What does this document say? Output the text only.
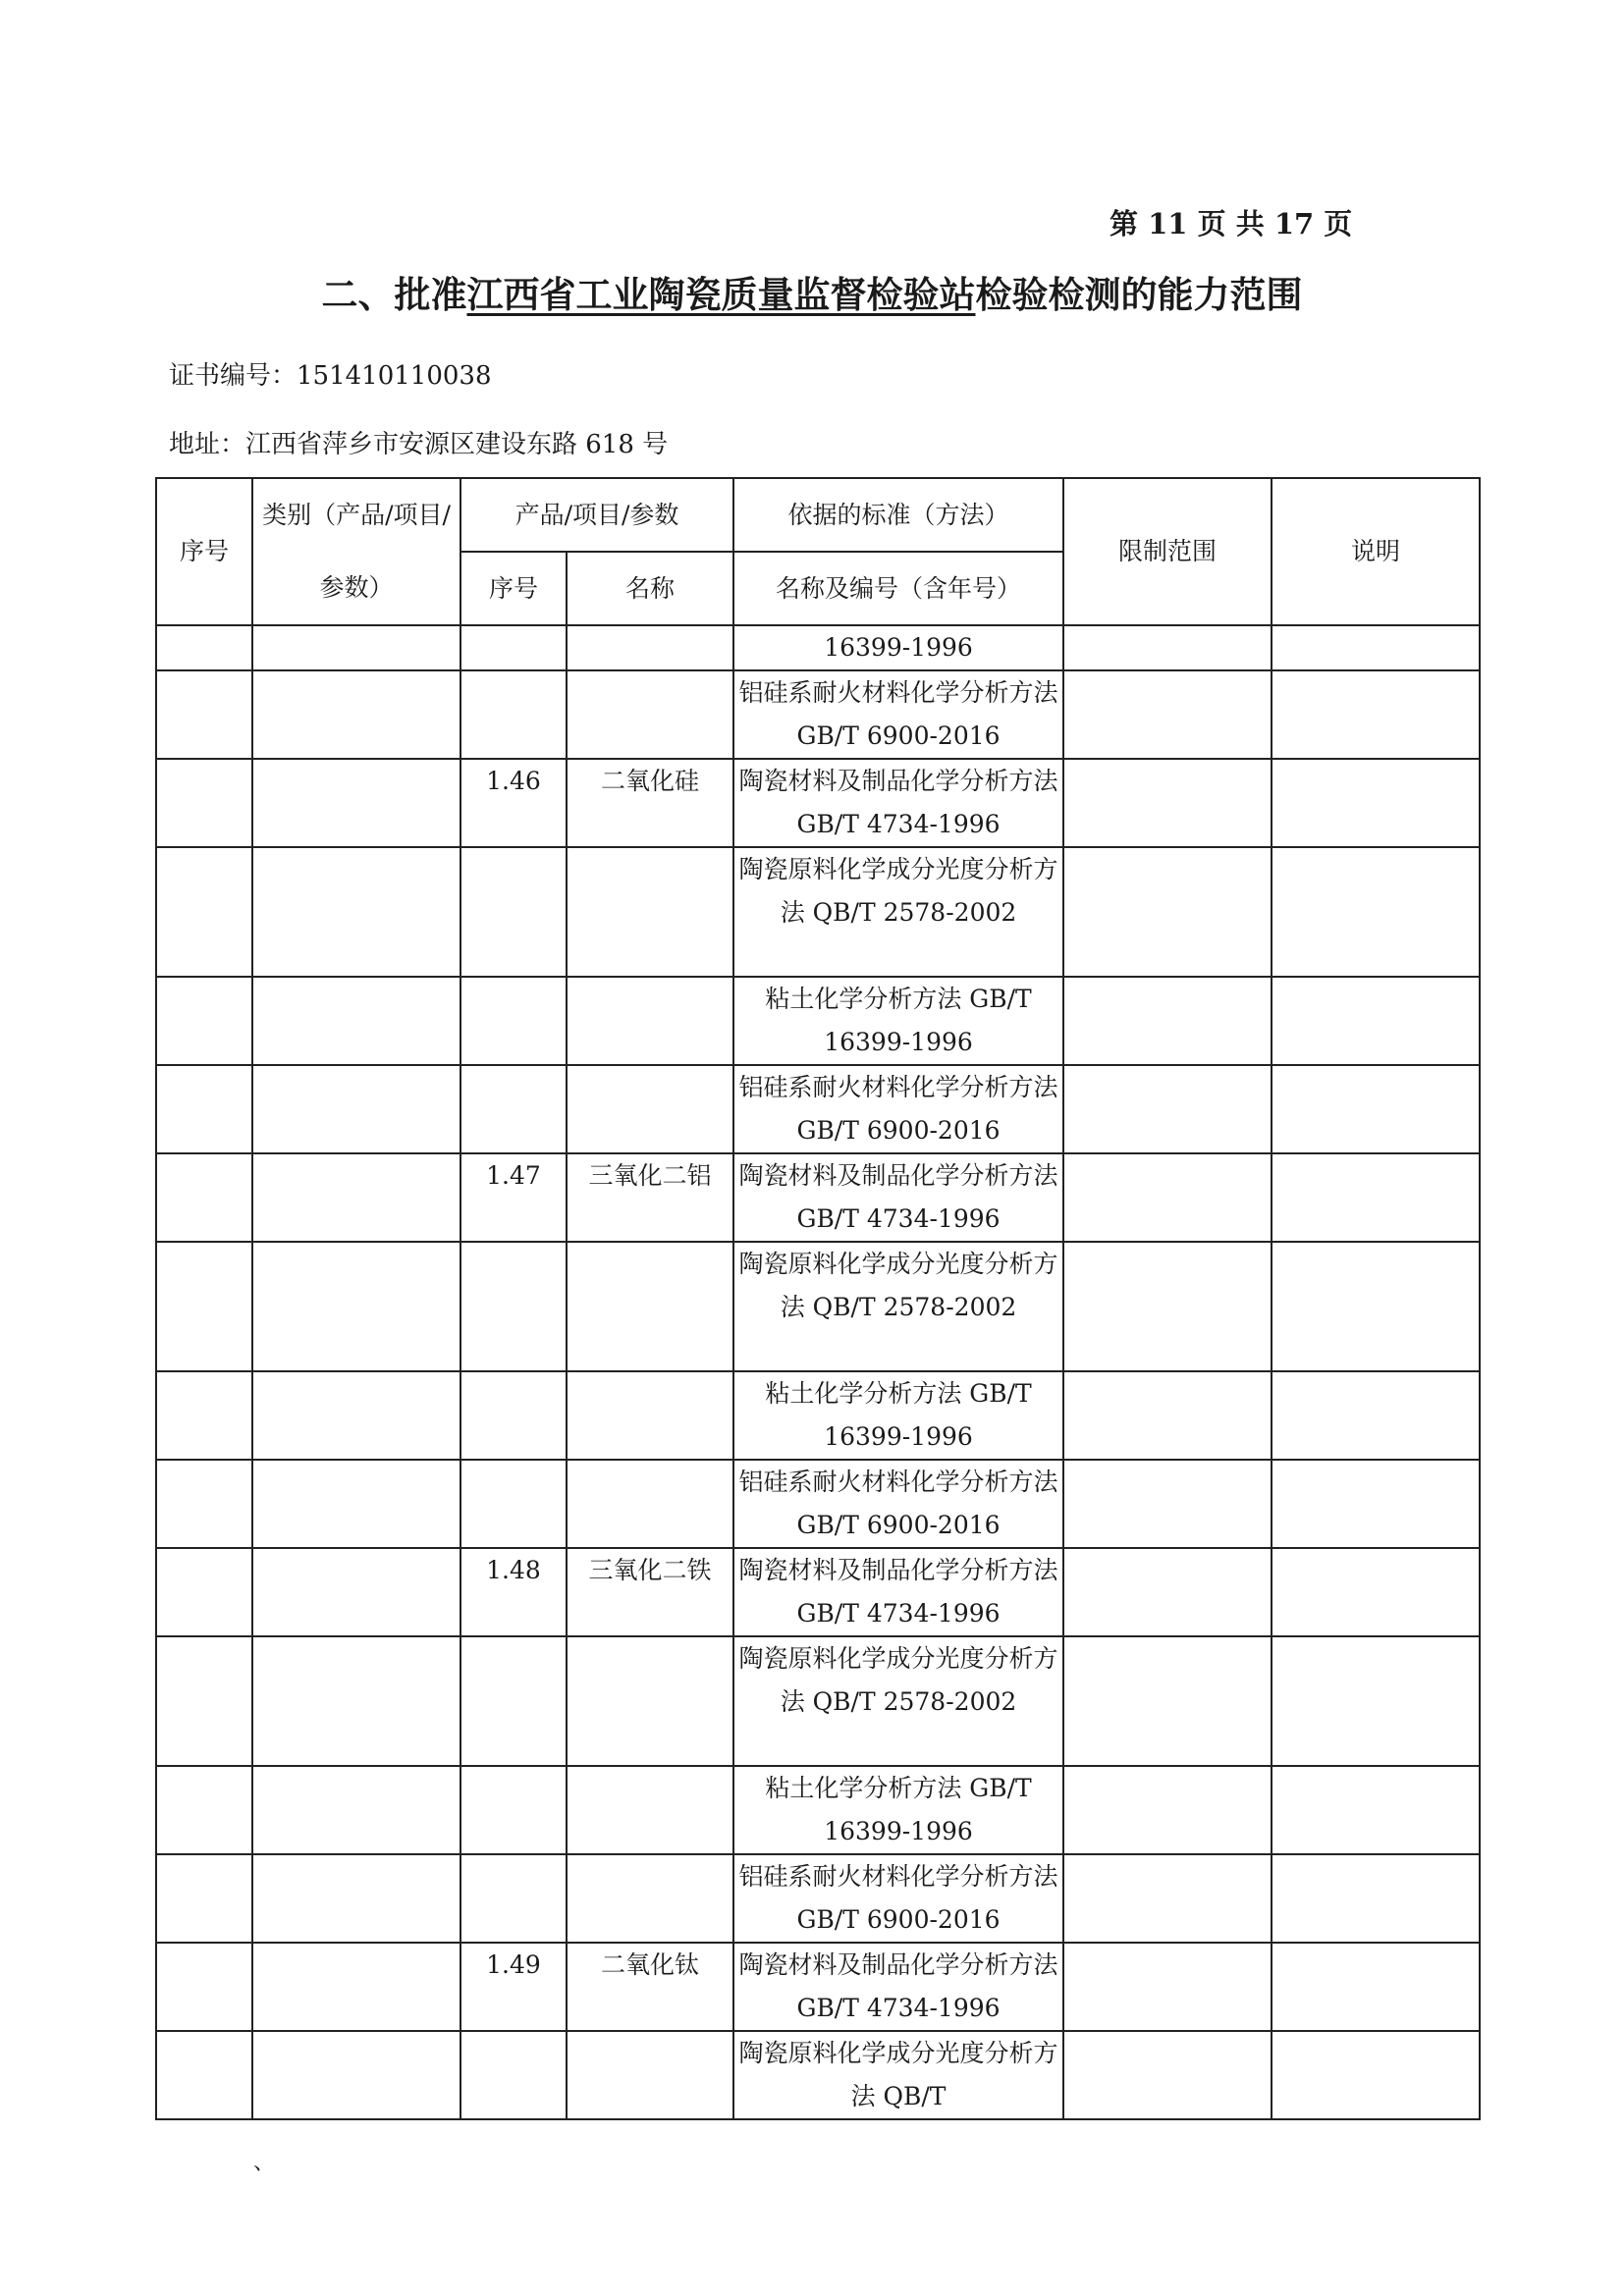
第 11 页 共 17 页
二、批准江西省工业陶瓷质量监督检验站检验检测的能力范围
证书编号：151410110038
地址：江西省萍乡市安源区建设东路 618 号
序号	类别（产品/项目/参数）	产品/项目/参数		依据的标准（方法）	限制范围	说明
		序号	名称	名称及编号（含年号）		
				16399-1996		
				铝硅系耐火材料化学分析方法 GB/T 6900-2016		
		1.46	二氧化硅	陶瓷材料及制品化学分析方法 GB/T 4734-1996		
				陶瓷原料化学成分光度分析方法 QB/T 2578-2002		
				粘土化学分析方法 GB/T 16399-1996		
				铝硅系耐火材料化学分析方法 GB/T 6900-2016		
		1.47	三氧化二铝	陶瓷材料及制品化学分析方法 GB/T 4734-1996		
				陶瓷原料化学成分光度分析方法 QB/T 2578-2002		
				粘土化学分析方法 GB/T 16399-1996		
				铝硅系耐火材料化学分析方法 GB/T 6900-2016		
		1.48	三氧化二铁	陶瓷材料及制品化学分析方法 GB/T 4734-1996		
				陶瓷原料化学成分光度分析方法 QB/T 2578-2002		
				粘土化学分析方法 GB/T 16399-1996		
				铝硅系耐火材料化学分析方法 GB/T 6900-2016		
		1.49	二氧化钛	陶瓷材料及制品化学分析方法 GB/T 4734-1996		
				陶瓷原料化学成分光度分析方法 QB/T		
、
